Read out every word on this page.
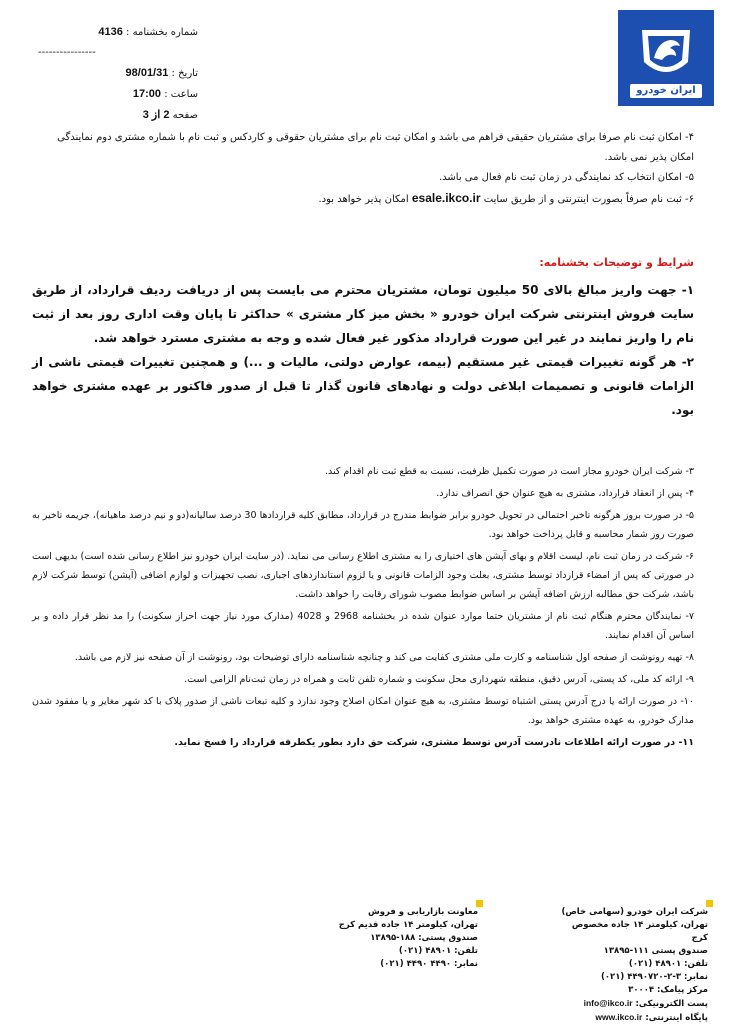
شماره بخشنامه : 4136
----------------
تاریخ : 98/01/31
ساعت : 17:00
صفحه 2 از 3
ایران خودرو

۴- امکان ثبت نام صرفا برای مشتریان حقیقی فراهم می باشد و امکان ثبت نام برای مشتریان حقوقی و کاردکس و ثبت نام با شماره مشتری دوم نمایندگی امکان پذیر نمی باشد.

۵- امکان انتخاب کد نمایندگی در زمان ثبت نام فعال می باشد.

۶- ثبت نام صرفاً بصورت اینترنتی و از طریق سایت esale.ikco.ir امکان پذیر خواهد بود.

شرایط و توضیحات بخشنامه:

۱- جهت واریز مبالغ بالای 50 میلیون تومان، مشتریان محترم می بایست پس از دریافت ردیف قرارداد، از طریق سایت فروش اینترنتی شرکت ایران خودرو « بخش میز کار مشتری » حداکثر تا پایان وقت اداری روز بعد از ثبت نام را واریز نمایند در غیر این صورت قرارداد مذکور غیر فعال شده و وجه به مشتری مسترد خواهد شد.

۲- هر گونه تغییرات قیمتی غیر مستقیم (بیمه، عوارض دولتی، مالیات و ...) و همچنین تغییرات قیمتی ناشی از الزامات قانونی و تصمیمات ابلاغی دولت و نهادهای قانون گذار تا قبل از صدور فاکتور بر عهده مشتری خواهد بود.

۳- شرکت ایران خودرو مجاز است در صورت تکمیل ظرفیت، نسبت به قطع ثبت نام اقدام کند.

۴- پس از انعقاد قرارداد، مشتری به هیچ عنوان حق انصراف ندارد.

۵- در صورت بروز هرگونه تاخیر احتمالی در تحویل خودرو برابر ضوابط مندرج در قرارداد، مطابق کلیه قراردادها 30 درصد سالیانه(دو و نیم درصد ماهیانه)، جریمه تاخیر به صورت روز شمار محاسبه و قابل پرداخت خواهد بود.

۶- شرکت در زمان ثبت نام، لیست اقلام و بهای آپشن های اختیاری را به مشتری اطلاع رسانی می نماید. (در سایت ایران خودرو نیز اطلاع رسانی شده است) بدیهی است در صورتی که پس از امضاء قرارداد توسط مشتری، بعلت وجود الزامات قانونی و یا لزوم استانداردهای اجباری، نصب تجهیزات و لوازم اضافی (آپشن) توسط شرکت لازم باشد، شرکت حق مطالبه ارزش اضافه آپشن بر اساس ضوابط مصوب شورای رقابت را خواهد داشت.

۷- نمایندگان محترم هنگام ثبت نام از مشتریان حتما موارد عنوان شده در بخشنامه 2968 و 4028 (مدارک مورد نیاز جهت احراز سکونت) را مد نظر قرار داده و بر اساس آن اقدام نمایند.

۸- تهیه رونوشت از صفحه اول شناسنامه و کارت ملی مشتری کفایت می کند و چنانچه شناسنامه دارای توضیحات بود، رونوشت از آن صفحه نیز لازم می باشد.

۹- ارائه کد ملی، کد پستی، آدرس دقیق، منطقه شهرداری محل سکونت و شماره تلفن ثابت و همراه در زمان ثبت‌نام الزامی است.

۱۰- در صورت ارائه یا درج آدرس پستی اشتباه توسط مشتری، به هیچ عنوان امکان اصلاح وجود ندارد و کلیه تبعات ناشی از صدور پلاک با کد شهر مغایر و یا مفقود شدن مدارک خودرو، به عهده مشتری خواهد بود.

۱۱- در صورت ارائه اطلاعات نادرست آدرس توسط مشتری، شرکت حق دارد بطور یکطرفه قرارداد را فسخ نماید.

شرکت ایران خودرو (سهامی خاص)
تهران، کیلومتر ۱۴ جاده مخصوص کرج
صندوق پستی ۱۱۱-۱۳۸۹۵
تلفن: ۴۸۹۰۱ (۰۲۱)
نمابر: ۳-۲-۴۴۹۰۷۲۰ (۰۲۱)
مرکز پیامک: ۳۰۰۰۴
پست الکترونیکی: info@ikco.ir
پایگاه اینترنتی: www.ikco.ir
معاونت بازاریابی و فروش
تهران، کیلومتر ۱۴ جاده قدیم کرج
صندوق پستی: ۱۸۸-۱۳۸۹۵
تلفن: ۴۸۹۰۱ (۰۲۱)
نمابر: ۴۴۹۰ ۴۴۹۰ (۰۲۱)
